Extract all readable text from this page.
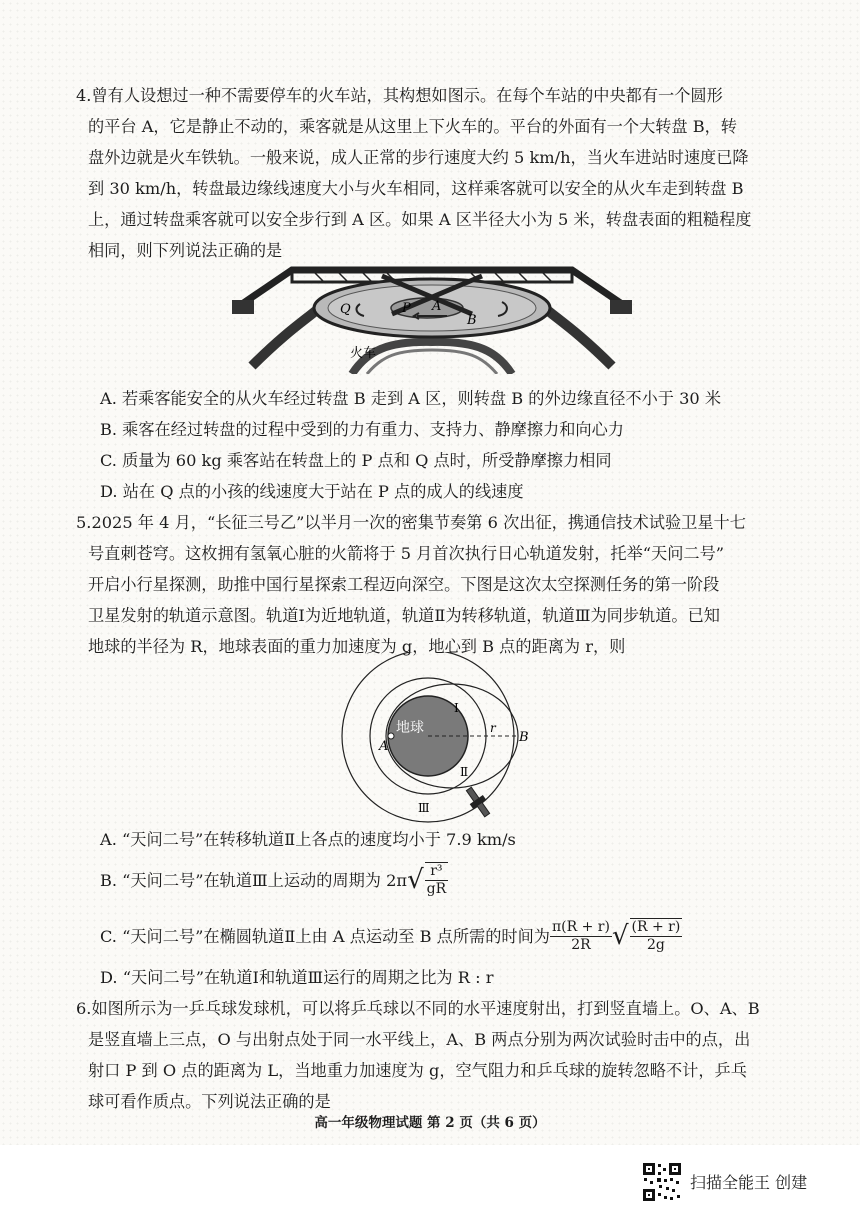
4.曾有人设想过一种不需要停车的火车站，其构想如图示。在每个车站的中央都有一个圆形
的平台 A，它是静止不动的，乘客就是从这里上下火车的。平台的外面有一个大转盘 B，转
盘外边就是火车铁轨。一般来说，成人正常的步行速度大约 5 km/h，当火车进站时速度已降
到 30 km/h，转盘最边缘线速度大小与火车相同，这样乘客就可以安全的从火车走到转盘 B
上，通过转盘乘客就可以安全步行到 A 区。如果 A 区半径大小为 5 米，转盘表面的粗糙程度
相同，则下列说法正确的是
Q	P A
B
火车
A. 若乘客能安全的从火车经过转盘 B 走到 A 区，则转盘 B 的外边缘直径不小于 30 米
B. 乘客在经过转盘的过程中受到的力有重力、支持力、静摩擦力和向心力
C. 质量为 60 kg 乘客站在转盘上的 P 点和 Q 点时，所受静摩擦力相同
D. 站在 Q 点的小孩的线速度大于站在 P 点的成人的线速度
5.2025 年 4 月，“长征三号乙”以半月一次的密集节奏第 6 次出征，携通信技术试验卫星十七
号直刺苍穹。这枚拥有氢氧心脏的火箭将于 5 月首次执行日心轨道发射，托举“天问二号”
开启小行星探测，助推中国行星探索工程迈向深空。下图是这次太空探测任务的第一阶段
卫星发射的轨道示意图。轨道Ⅰ为近地轨道，轨道Ⅱ为转移轨道，轨道Ⅲ为同步轨道。已知
地球的半径为 R，地球表面的重力加速度为 g，地心到 B 点的距离为 r，则
地球
Ⅰ
Ⅱ
Ⅲ
A
B
r
A. “天问二号”在转移轨道Ⅱ上各点的速度均小于 7.9 km/s
B. “天问二号”在轨道Ⅲ上运动的周期为 2π √ $\frac{\text{r³}}{gR}$
C. “天问二号”在椭圆轨道Ⅱ上由 A 点运动至 B 点所需的时间为 $\frac{\pi(R + r)}{2R}$ √ $\frac{(R + r)}{2g}$
D. “天问二号”在轨道Ⅰ和轨道Ⅲ运行的周期之比为 R : r
6.如图所示为一乒乓球发球机，可以将乒乓球以不同的水平速度射出，打到竖直墙上。O、A、B
是竖直墙上三点，O 与出射点处于同一水平线上，A、B 两点分别为两次试验时击中的点，出
射口 P 到 O 点的距离为 L，当地重力加速度为 g，空气阻力和乒乓球的旋转忽略不计，乒乓
球可看作质点。下列说法正确的是
高一年级物理试题 第 2 页（共 6 页）
扫描全能王 创建
